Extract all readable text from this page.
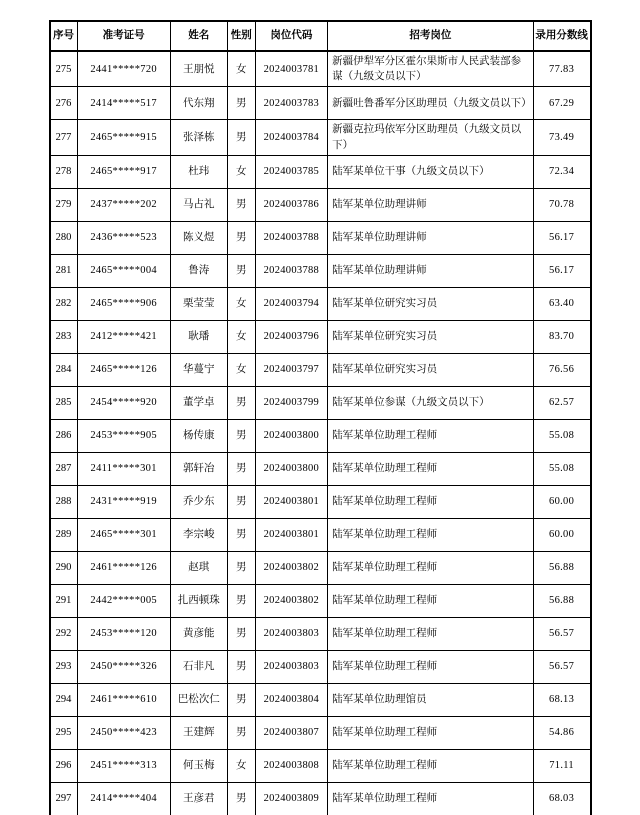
序号	准考证号	姓名	性别	岗位代码	招考岗位	录用分数线
275	2441*****720	王朋悦	女	2024003781	新疆伊犁军分区霍尔果斯市人民武装部参谋（九级文员以下）	77.83
276	2414*****517	代东翔	男	2024003783	新疆吐鲁番军分区助理员（九级文员以下）	67.29
277	2465*****915	张泽栋	男	2024003784	新疆克拉玛依军分区助理员（九级文员以下）	73.49
278	2465*****917	杜玮	女	2024003785	陆军某单位干事（九级文员以下）	72.34
279	2437*****202	马占礼	男	2024003786	陆军某单位助理讲师	70.78
280	2436*****523	陈义煜	男	2024003788	陆军某单位助理讲师	56.17
281	2465*****004	鲁涛	男	2024003788	陆军某单位助理讲师	56.17
282	2465*****906	栗莹莹	女	2024003794	陆军某单位研究实习员	63.40
283	2412*****421	耿璠	女	2024003796	陆军某单位研究实习员	83.70
284	2465*****126	华蔓宁	女	2024003797	陆军某单位研究实习员	76.56
285	2454*****920	董学卓	男	2024003799	陆军某单位参谋（九级文员以下）	62.57
286	2453*****905	杨传康	男	2024003800	陆军某单位助理工程师	55.08
287	2411*****301	郭轩冶	男	2024003800	陆军某单位助理工程师	55.08
288	2431*****919	乔少东	男	2024003801	陆军某单位助理工程师	60.00
289	2465*****301	李宗峻	男	2024003801	陆军某单位助理工程师	60.00
290	2461*****126	赵琪	男	2024003802	陆军某单位助理工程师	56.88
291	2442*****005	扎西顿珠	男	2024003802	陆军某单位助理工程师	56.88
292	2453*****120	黄彦能	男	2024003803	陆军某单位助理工程师	56.57
293	2450*****326	石非凡	男	2024003803	陆军某单位助理工程师	56.57
294	2461*****610	巴松次仁	男	2024003804	陆军某单位助理馆员	68.13
295	2450*****423	王建辉	男	2024003807	陆军某单位助理工程师	54.86
296	2451*****313	何玉梅	女	2024003808	陆军某单位助理工程师	71.11
297	2414*****404	王彦君	男	2024003809	陆军某单位助理工程师	68.03
